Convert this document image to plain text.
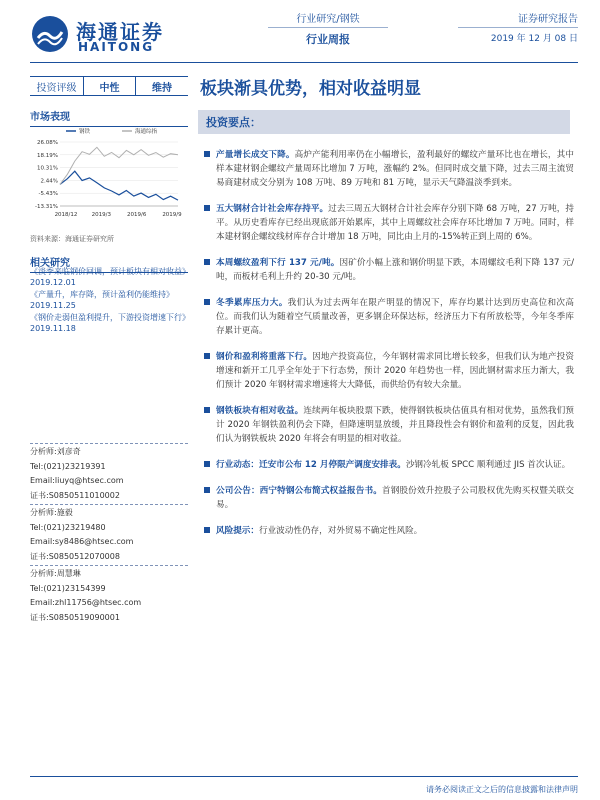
海通证券
HAITONG
行业研究/钢铁
行业周报
证券研究报告
2019 年 12 月 08 日
投资评级	中性	维持	板块渐具优势，相对收益明显
市场表现
26.08%
18.19%
10.31%
2.44%
-5.43%
-13.31%
2018/12	2019/3	2019/6	2019/9
钢铁	海通综指
资料来源：海通证券研究所
相关研究
《淡季来临钢价回调，预计板块有相对收益》
2019.12.01
《产量升，库存降，预计盈利仍能维持》
2019.11.25
《钢价走弱但盈利提升，下游投资增速下行》
2019.11.18
分析师:刘彦奇
Tel:(021)23219391
Email:liuyq@htsec.com
证书:S0850511010002
分析师:施毅
Tel:(021)23219480
Email:sy8486@htsec.com
证书:S0850512070008
分析师:周慧琳
Tel:(021)23154399
Email:zhl11756@htsec.com
证书:S0850519090001
投资要点：
产量增长成交下降。高炉产能利用率仍在小幅增长，盈利最好的螺纹产量环比也在增长，其中样本建材钢企螺纹产量周环比增加 7 万吨，涨幅约 2%。但同时成交量下降，过去三周主流贸易商建材成交分别为 108 万吨、89 万吨和 81 万吨，显示天气降温淡季到来。
五大钢材合计社会库存持平。过去三周五大钢材合计社会库存分别下降 68 万吨，27 万吨，持平。从历史看库存已经出现底部开始累库，其中上周螺纹社会库存环比增加 7 万吨。同时，样本建材钢企螺纹线材库存合计增加 18 万吨，同比由上月的-15%转正到上周的 6%。
本周螺纹盈利下行 137 元/吨。因矿价小幅上涨和钢价明显下跌，本周螺纹毛利下降 137 元/吨，而板材毛利上升约 20-30 元/吨。
冬季累库压力大。我们认为过去两年在限产明显的情况下，库存均累计达到历史高位和次高位。而我们认为随着空气质量改善，更多钢企环保达标，经济压力下有所放松等，今年冬季库存累计更高。
钢价和盈利将重落下行。因地产投资高位，今年钢材需求同比增长较多，但我们认为地产投资增速和新开工几乎全年处于下行态势，预计 2020 年趋势也一样，因此钢材需求压力渐大，我们预计 2020 年钢材需求增速将大大降低，而供给仍有较大余量。
钢铁板块有相对收益。连续两年板块股票下跌，使得钢铁板块估值具有相对优势，虽然我们预计 2020 年钢铁盈利仍会下降，但降速明显放缓，并且降段性会有钢价和盈利的反复，因此我们认为钢铁板块 2020 年将会有明显的相对收益。
行业动态：迁安市公布 12 月停限产调度安排表。沙钢冷轧板 SPCC 顺利通过 JIS 首次认证。
公司公告：西宁特钢公布简式权益报告书。首钢股份效升控股子公司股权优先购买权暨关联交易。
风险提示：行业波动性仍存，对外贸易不确定性风险。
请务必阅读正文之后的信息披露和法律声明
